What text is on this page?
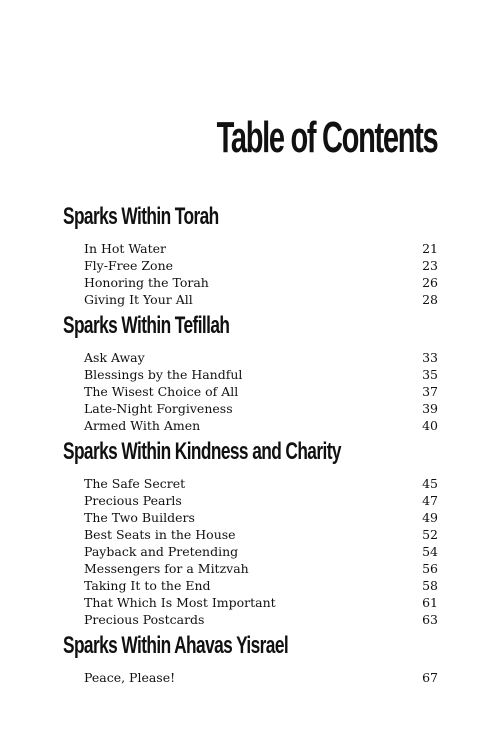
Table of Contents
Sparks Within Torah
In Hot Water	21
Fly-Free Zone	23
Honoring the Torah	26
Giving It Your All	28
Sparks Within Tefillah
Ask Away	33
Blessings by the Handful	35
The Wisest Choice of All	37
Late-Night Forgiveness	39
Armed With Amen	40
Sparks Within Kindness and Charity
The Safe Secret	45
Precious Pearls	47
The Two Builders	49
Best Seats in the House	52
Payback and Pretending	54
Messengers for a Mitzvah	56
Taking It to the End	58
That Which Is Most Important	61
Precious Postcards	63
Sparks Within Ahavas Yisrael
Peace, Please!	67
